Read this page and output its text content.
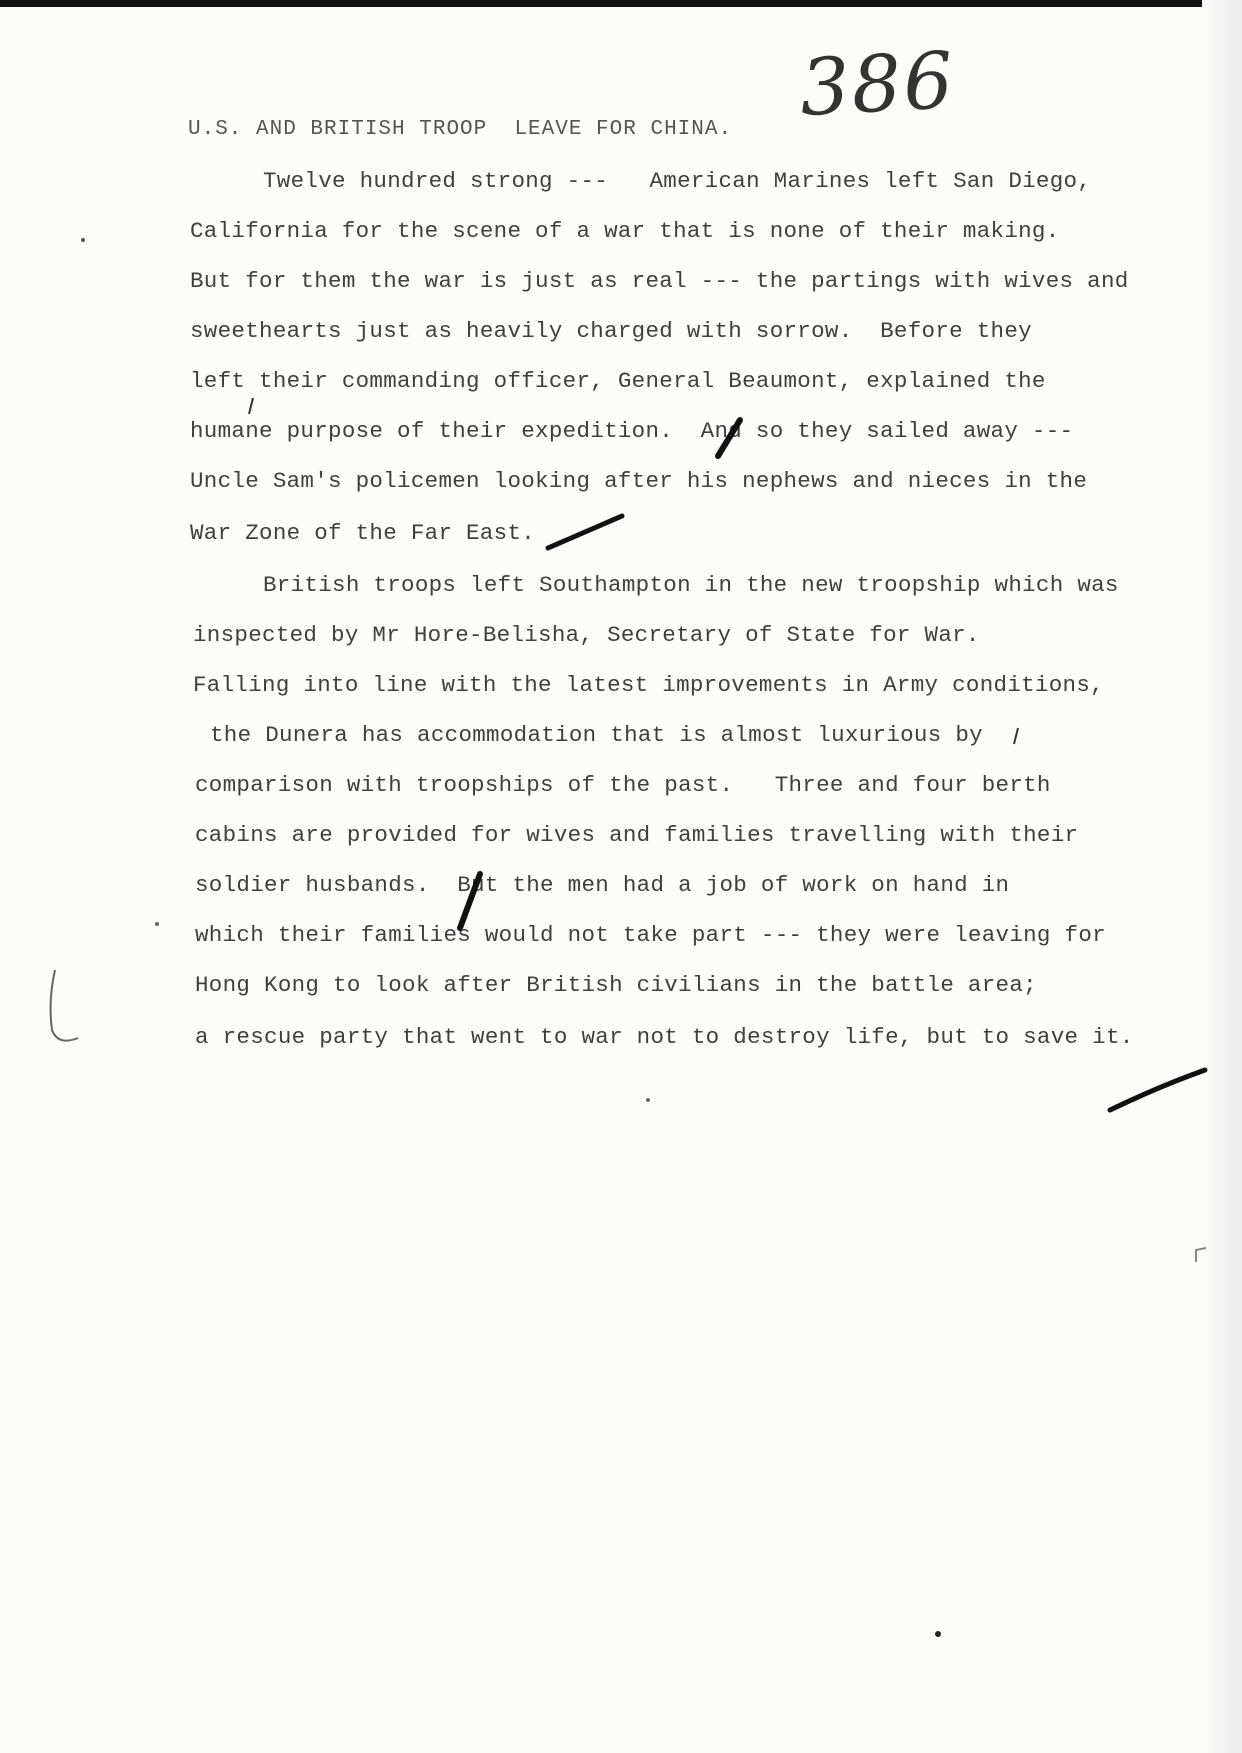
386
U.S. AND BRITISH TROOP  LEAVE FOR CHINA.
Twelve hundred strong ---   American Marines left San Diego,
California for the scene of a war that is none of their making.
But for them the war is just as real --- the partings with wives and
sweethearts just as heavily charged with sorrow.  Before they
left their commanding officer, General Beaumont, explained the
humane purpose of their expedition.  And so they sailed away ---
Uncle Sam's policemen looking after his nephews and nieces in the
War Zone of the Far East.
British troops left Southampton in the new troopship which was
inspected by Mr Hore-Belisha, Secretary of State for War.
Falling into line with the latest improvements in Army conditions,
the Dunera has accommodation that is almost luxurious by
comparison with troopships of the past.   Three and four berth
cabins are provided for wives and families travelling with their
soldier husbands.  But the men had a job of work on hand in
which their families would not take part --- they were leaving for
Hong Kong to look after British civilians in the battle area;
a rescue party that went to war not to destroy life, but to save it.
